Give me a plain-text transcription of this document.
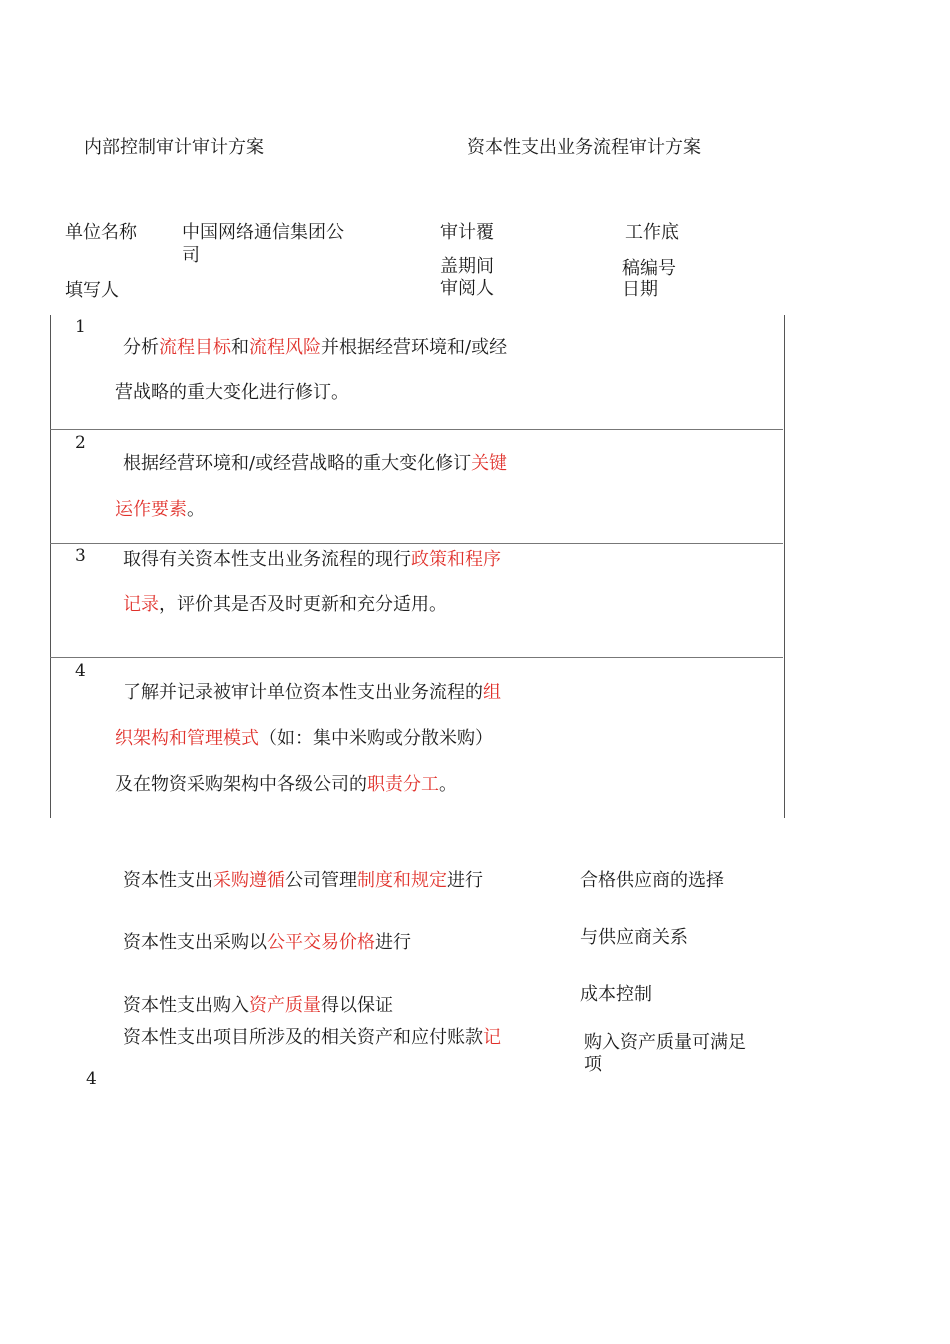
内部控制审计审计方案	资本性支出业务流程审计方案
单位名称	中国网络通信集团公
司
填写人
审计覆
盖期间
审阅人
工作底
稿编号
日期
1
分析流程目标和流程风险并根据经营环境和/或经
营战略的重大变化进行修订。
2
根据经营环境和/或经营战略的重大变化修订关键
运作要素。
3 取得有关资本性支出业务流程的现行政策和程序
记录，评价其是否及时更新和充分适用。
4
了解并记录被审计单位资本性支出业务流程的组
织架构和管理模式（如：集中米购或分散米购）
及在物资采购架构中各级公司的职责分工。
资本性支出采购遵循公司管理制度和规定进行
资本性支出采购以公平交易价格进行
资本性支出购入资产质量得以保证
资本性支出项目所涉及的相关资产和应付账款记
合格供应商的选择
与供应商关系
成本控制
购入资产质量可满足
项
4
